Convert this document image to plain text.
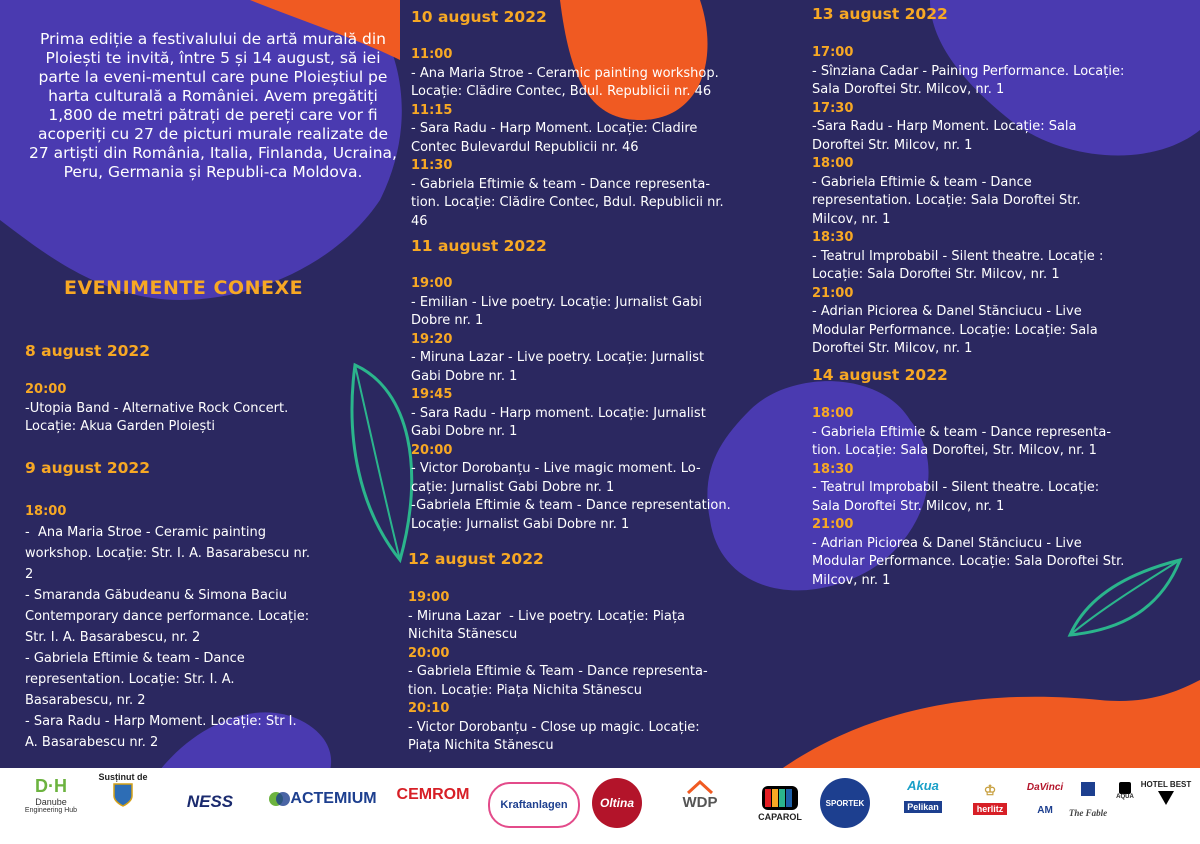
Prima ediție a festivalului de artă murală din Ploiești te invită, între 5 și 14 august, să iei parte la eveni-mentul care pune Ploieștiul pe harta culturală a României. Avem pregătiți 1,800 de metri pătrați de pereți care vor fi acoperiți cu 27 de picturi murale realizate de 27 artiști din România, Italia, Finlanda, Ucraina, Peru, Germania și Republi-ca Moldova.
EVENIMENTE CONEXE
8 august 2022
20:00
-Utopia Band - Alternative Rock Concert.
Locație: Akua Garden Ploiești
9 august 2022
18:00
-  Ana Maria Stroe - Ceramic painting
workshop. Locație: Str. I. A. Basarabescu nr.
2
- Smaranda Găbudeanu & Simona Baciu
Contemporary dance performance. Locație:
Str. I. A. Basarabescu, nr. 2
- Gabriela Eftimie & team - Dance
representation. Locație: Str. I. A.
Basarabescu, nr. 2
- Sara Radu - Harp Moment. Locație: Str I.
A. Basarabescu nr. 2
10 august 2022
11:00
- Ana Maria Stroe - Ceramic painting workshop.
Locație: Clădire Contec, Bdul. Republicii nr. 46
11:15
- Sara Radu - Harp Moment. Locație: Cladire
Contec Bulevardul Republicii nr. 46
11:30
- Gabriela Eftimie & team - Dance representa-
tion. Locație: Clădire Contec, Bdul. Republicii nr.
46
11 august 2022
19:00
- Emilian - Live poetry. Locație: Jurnalist Gabi
Dobre nr. 1
19:20
- Miruna Lazar - Live poetry. Locație: Jurnalist
Gabi Dobre nr. 1
19:45
- Sara Radu - Harp moment. Locație: Jurnalist
Gabi Dobre nr. 1
20:00
- Victor Dorobanțu - Live magic moment. Lo-
cație: Jurnalist Gabi Dobre nr. 1
-Gabriela Eftimie & team - Dance representation.
Locație: Jurnalist Gabi Dobre nr. 1
12 august 2022
19:00
- Miruna Lazar  - Live poetry. Locație: Piața
Nichita Stănescu
20:00
- Gabriela Eftimie & Team - Dance representa-
tion. Locație: Piața Nichita Stănescu
20:10
- Victor Dorobanțu - Close up magic. Locație:
Piața Nichita Stănescu
13 august 2022
17:00
- Sînziana Cadar - Paining Performance. Locație:
Sala Doroftei Str. Milcov, nr. 1
17:30
-Sara Radu - Harp Moment. Locație: Sala
Doroftei Str. Milcov, nr. 1
18:00
- Gabriela Eftimie & team - Dance
representation. Locație: Sala Doroftei Str.
Milcov, nr. 1
18:30
- Teatrul Improbabil - Silent theatre. Locație :
Locație: Sala Doroftei Str. Milcov, nr. 1
21:00
- Adrian Piciorea & Danel Stănciucu - Live
Modular Performance. Locație: Locație: Sala
Doroftei Str. Milcov, nr. 1
14 august 2022
18:00
- Gabriela Eftimie & team - Dance representa-
tion. Locație: Sala Doroftei, Str. Milcov, nr. 1
18:30
- Teatrul Improbabil - Silent theatre. Locație:
Sala Doroftei Str. Milcov, nr. 1
21:00
- Adrian Piciorea & Danel Stănciucu - Live
Modular Performance. Locație: Sala Doroftei Str.
Milcov, nr. 1
D·H
Danube
Engineering Hub
Susținut de
NESS	ACTEMIUM CEMROM
Kraftanlagen	Oltina	WDP
CAPAROL
SPORTEK
Akua
Pelikan
♔
herlitz
DaVinci
AM The Fable
AQUA
HOTEL BEST
